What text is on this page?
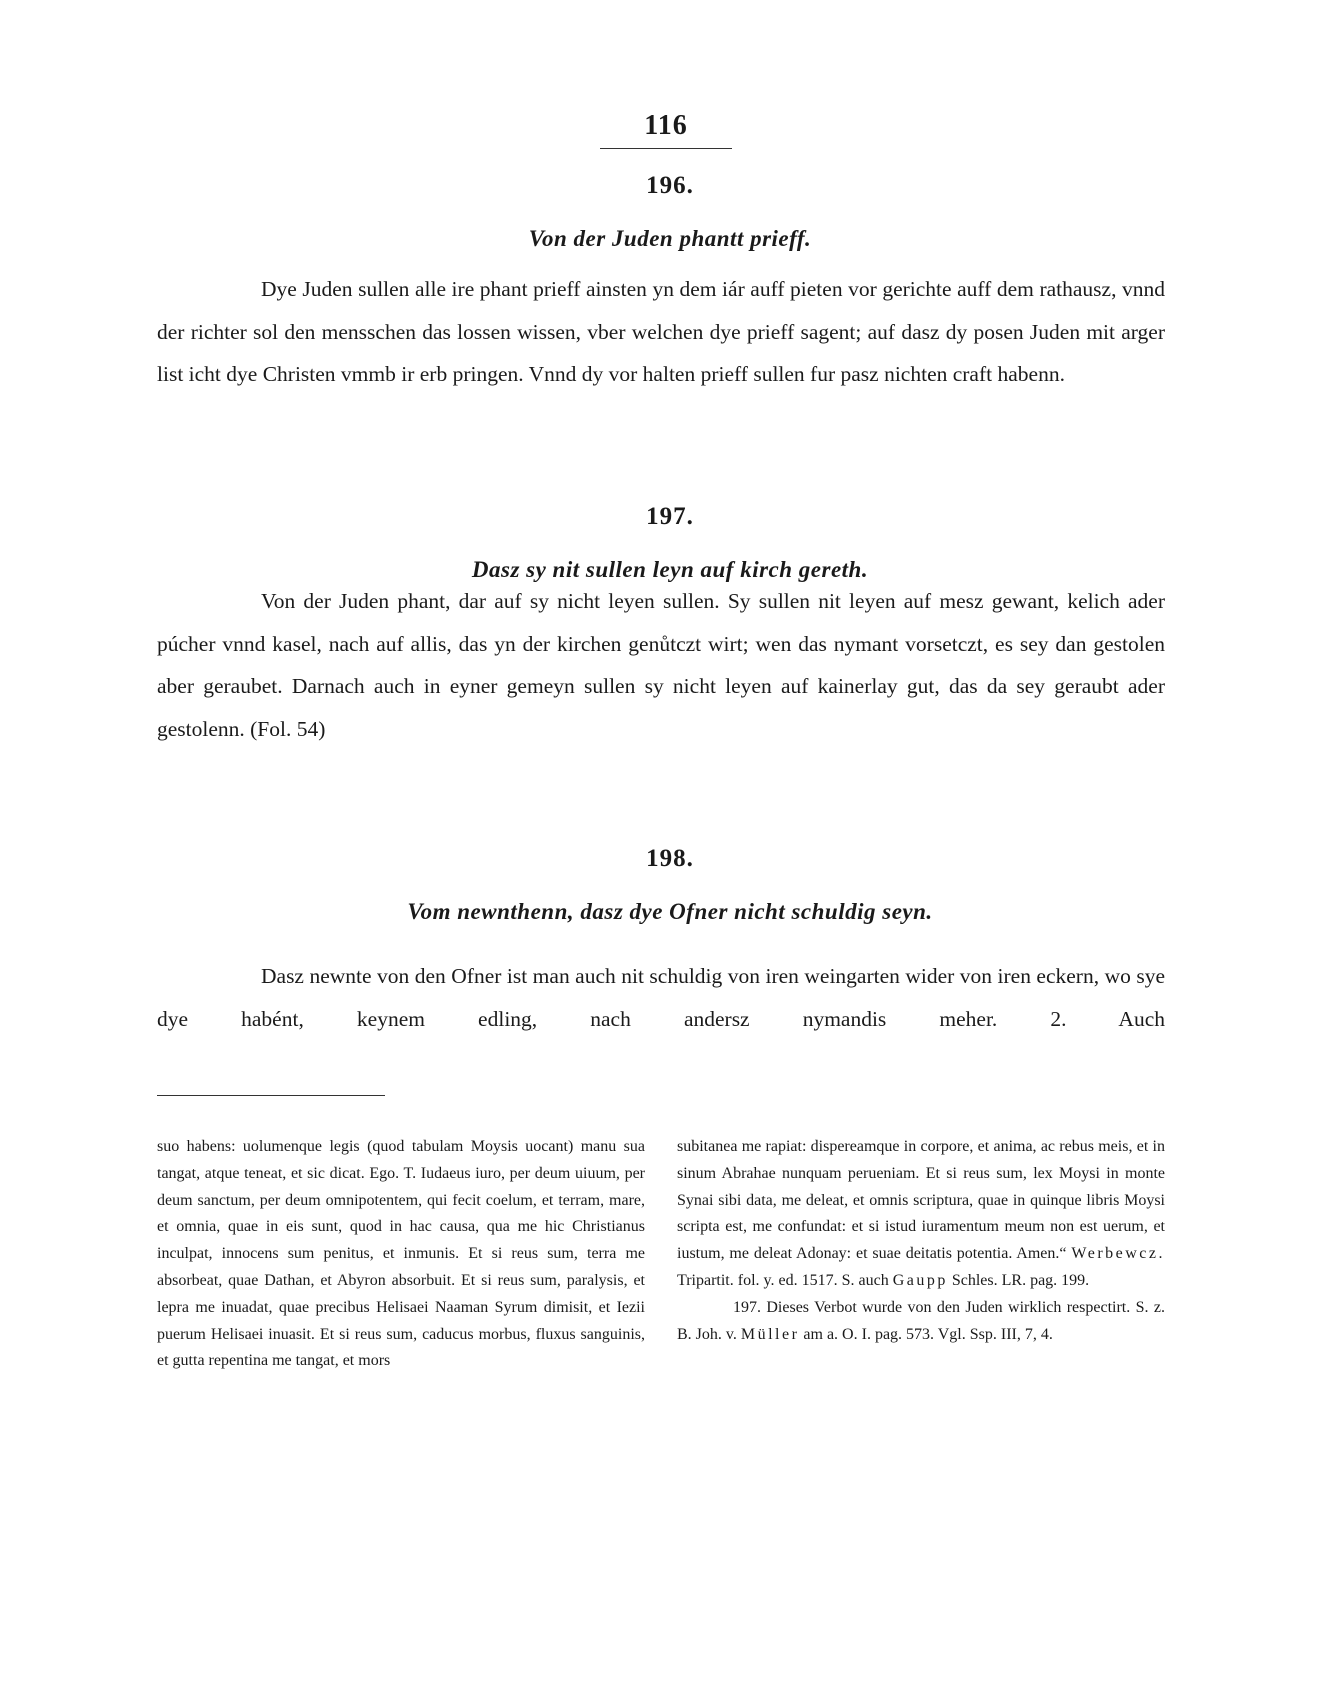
116
196.
Von der Juden phantt prieff.

Dye Juden sullen alle ire phant prieff ainsten yn dem iár auff pieten vor gerichte auff dem rathausz, vnnd der richter sol den mensschen das lossen wissen, vber welchen dye prieff sagent; auf dasz dy posen Juden mit arger list icht dye Christen vmmb ir erb pringen. Vnnd dy vor halten prieff sullen fur pasz nichten craft habenn.

197.
Dasz sy nit sullen leyn auf kirch gereth.

Von der Juden phant, dar auf sy nicht leyen sullen. Sy sullen nit leyen auf mesz gewant, kelich ader púcher vnnd kasel, nach auf allis, das yn der kirchen genůtczt wirt; wen das nymant vorsetczt, es sey dan gestolen aber geraubet. Darnach auch in eyner gemeyn sullen sy nicht leyen auf kainerlay gut, das da sey geraubt ader gestolenn. (Fol. 54)

198.
Vom newnthenn, dasz dye Ofner nicht schuldig seyn.

Dasz newnte von den Ofner ist man auch nit schuldig von iren weingarten wider von iren eckern, wo sye dye habént, keynem edling, nach andersz nymandis meher. 2. Auch

suo habens: uolumenque legis (quod tabulam Moysis uocant) manu sua tangat, atque teneat, et sic dicat. Ego. T. Iudaeus iuro, per deum uiuum, per deum sanctum, per deum omnipotentem, qui fecit coelum, et terram, mare, et omnia, quae in eis sunt, quod in hac causa, qua me hic Christianus inculpat, innocens sum penitus, et inmunis. Et si reus sum, terra me absorbeat, quae Dathan, et Abyron absorbuit. Et si reus sum, paralysis, et lepra me inuadat, quae precibus Helisaei Naaman Syrum dimisit, et Iezii puerum Helisaei inuasit. Et si reus sum, caducus morbus, fluxus sanguinis, et gutta repentina me tangat, et mors

subitanea me rapiat: dispereamque in corpore, et anima, ac rebus meis, et in sinum Abrahae nunquam perueniam. Et si reus sum, lex Moysi in monte Synai sibi data, me deleat, et omnis scriptura, quae in quinque libris Moysi scripta est, me confundat: et si istud iuramentum meum non est uerum, et iustum, me deleat Adonay: et suae deitatis potentia. Amen.“ Werbewcz. Tripartit. fol. y. ed. 1517. S. auch Gaupp Schles. LR. pag. 199.

197. Dieses Verbot wurde von den Juden wirklich respectirt. S. z. B. Joh. v. Müller am a. O. I. pag. 573. Vgl. Ssp. III, 7, 4.
